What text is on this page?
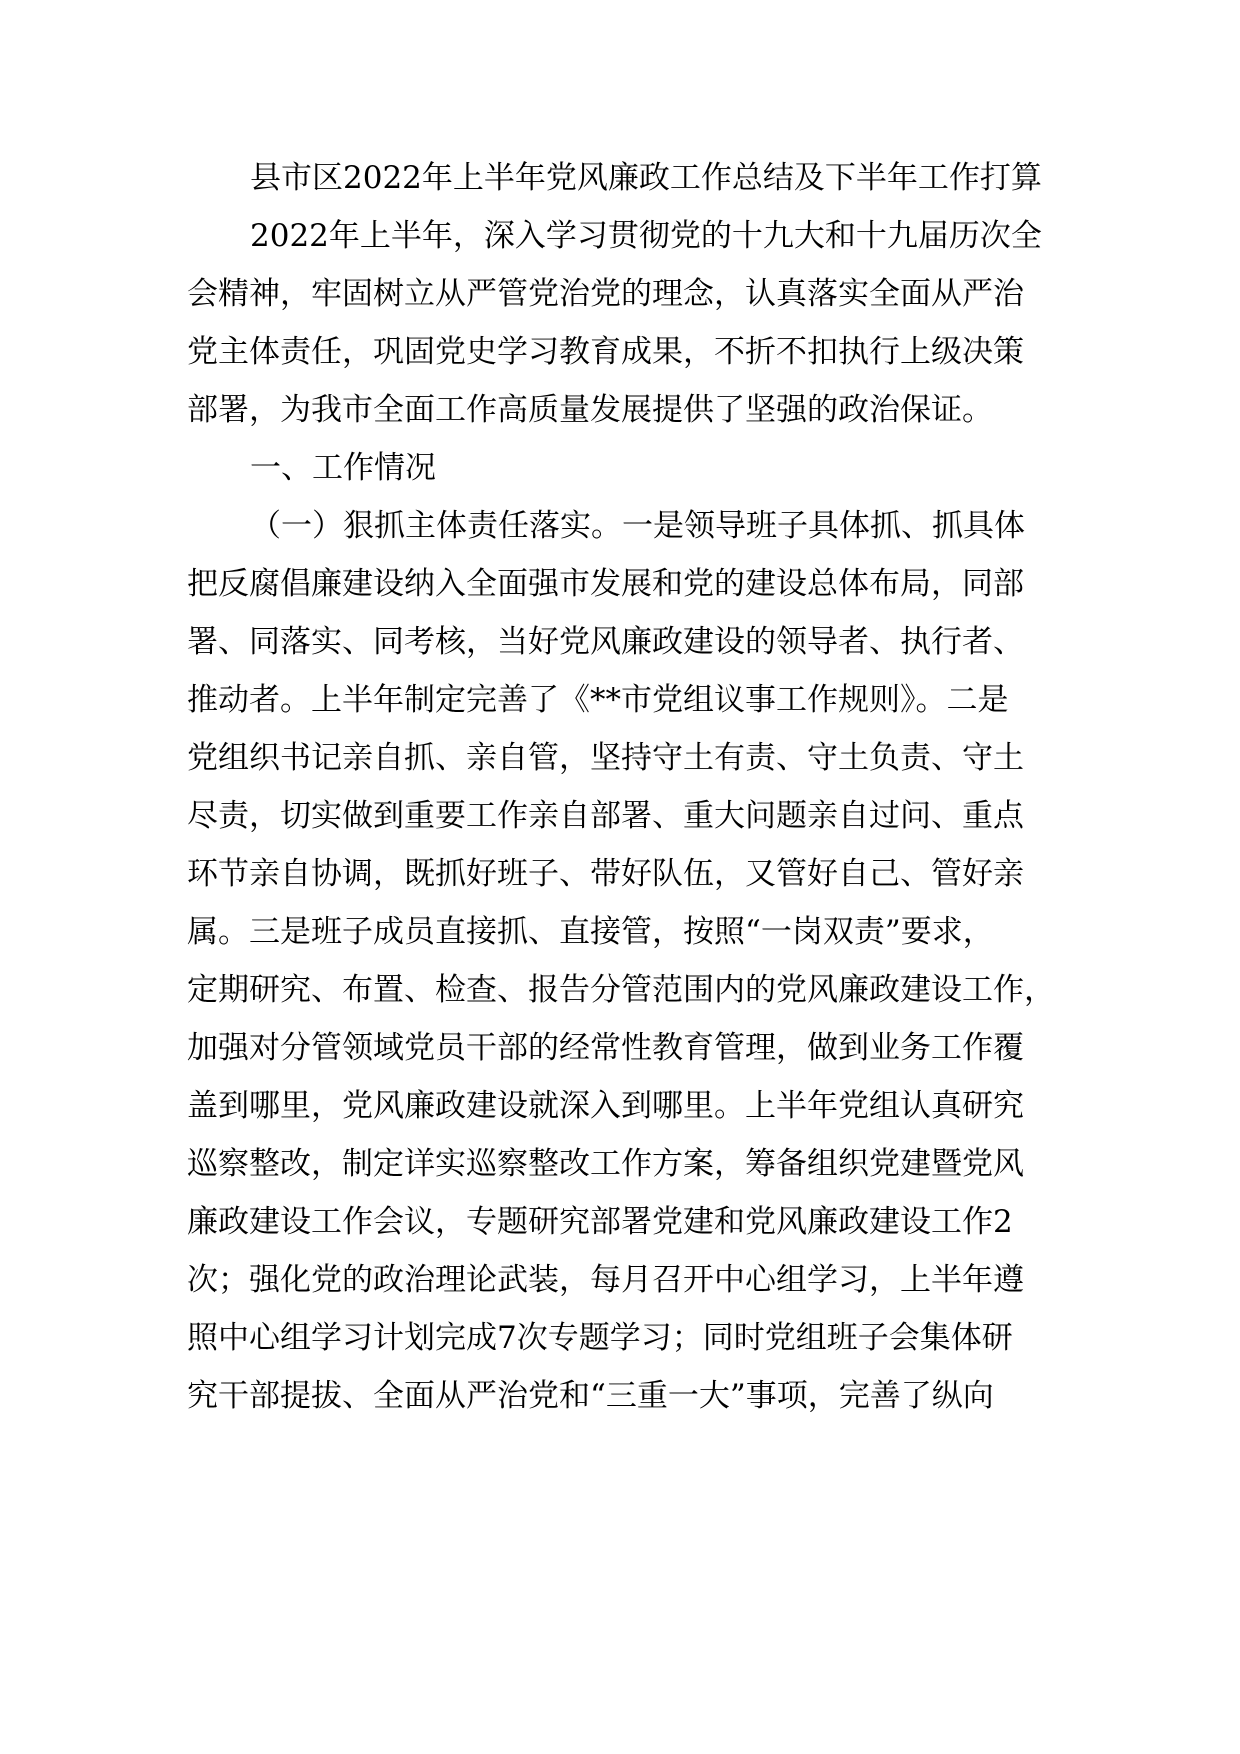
县市区2022年上半年党风廉政工作总结及下半年工作打算
2022年上半年，深入学习贯彻党的十九大和十九届历次全
会精神，牢固树立从严管党治党的理念，认真落实全面从严治
党主体责任，巩固党史学习教育成果，不折不扣执行上级决策
部署，为我市全面工作高质量发展提供了坚强的政治保证。
一、工作情况
（一）狠抓主体责任落实。一是领导班子具体抓、抓具体
把反腐倡廉建设纳入全面强市发展和党的建设总体布局，同部
署、同落实、同考核，当好党风廉政建设的领导者、执行者、
推动者。上半年制定完善了《**市党组议事工作规则》。二是
党组织书记亲自抓、亲自管，坚持守土有责、守土负责、守土
尽责，切实做到重要工作亲自部署、重大问题亲自过问、重点
环节亲自协调，既抓好班子、带好队伍，又管好自己、管好亲
属。三是班子成员直接抓、直接管，按照“一岗双责”要求，
定期研究、布置、检查、报告分管范围内的党风廉政建设工作，
加强对分管领域党员干部的经常性教育管理，做到业务工作覆
盖到哪里，党风廉政建设就深入到哪里。上半年党组认真研究
巡察整改，制定详实巡察整改工作方案，筹备组织党建暨党风
廉政建设工作会议，专题研究部署党建和党风廉政建设工作2
次；强化党的政治理论武装，每月召开中心组学习，上半年遵
照中心组学习计划完成7次专题学习；同时党组班子会集体研
究干部提拔、全面从严治党和“三重一大”事项，完善了纵向
